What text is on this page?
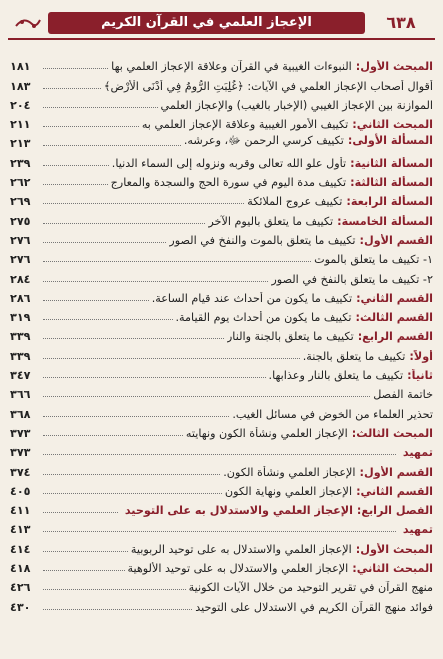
٦٣٨
الإعجاز العلمي في القرآن الكريم
المبحث الأول:النبوءات الغيبية في القرآن وعلاقة الإعجاز العلمي بها
١٨١
أقوال أصحاب الإعجاز العلمي في الآيات: ﴿غُلِبَتِ الرُّومُ فِي أَدْنَى الْأَرْضِ﴾
١٨٣
الموازنة بين الإعجاز الغيبي (الإخبار بالغيب) والإعجاز العلمي
٢٠٤
المبحث الثاني:تكييف الأمور الغيبية وعلاقة الإعجاز العلمي به
٢١١
المسألة الأولى:تكييف كرسي الرحمن ﷻ، وعرشه.
٢١٣
المسألة الثانية:تأول علو الله تعالى وقربه ونزوله إلى السماء الدنيا.
٢٣٩
المسألة الثالثة:تكييف مدة اليوم في سورة الحج والسجدة والمعارج
٢٦٢
المسألة الرابعة:تكييف عروج الملائكة
٢٦٩
المسألة الخامسة:تكييف ما يتعلق باليوم الآخر
٢٧٥
القسم الأول:تكييف ما يتعلق بالموت والنفخ في الصور
٢٧٦
١- تكييف ما يتعلق بالموت
٢٧٦
٢- تكييف ما يتعلق بالنفخ في الصور
٢٨٤
القسم الثاني:تكييف ما يكون من أحداث عند قيام الساعة.
٢٨٦
القسم الثالث:تكييف ما يكون من أحداث يوم القيامة.
٣١٩
القسم الرابع:تكييف ما يتعلق بالجنة والنار
٣٣٩
أولاً:تكييف ما يتعلق بالجنة.
٣٣٩
ثانياً:تكييف ما يتعلق بالنار وعذابها.
٣٤٧
خاتمة الفصل
٣٦٦
تحذير العلماء من الخوض في مسائل الغيب.
٣٦٨
المبحث الثالث:الإعجاز العلمي ونشأة الكون ونهايته
٣٧٣
تمهيد
٣٧٣
القسم الأول:الإعجاز العلمي ونشأة الكون.
٣٧٤
القسم الثاني:الإعجاز العلمي ونهاية الكون
٤٠٥
الفصل الرابع: الإعجاز العلمي والاستدلال به على التوحيد
٤١١
تمهيد
٤١٣
المبحث الأول:الإعجاز العلمي والاستدلال به على توحيد الربوبية
٤١٤
المبحث الثاني:الإعجاز العلمي والاستدلال به على توحيد الألوهية
٤١٨
منهج القرآن في تقرير التوحيد من خلال الآيات الكونية
٤٢٦
فوائد منهج القرآن الكريم في الاستدلال على التوحيد
٤٣٠
